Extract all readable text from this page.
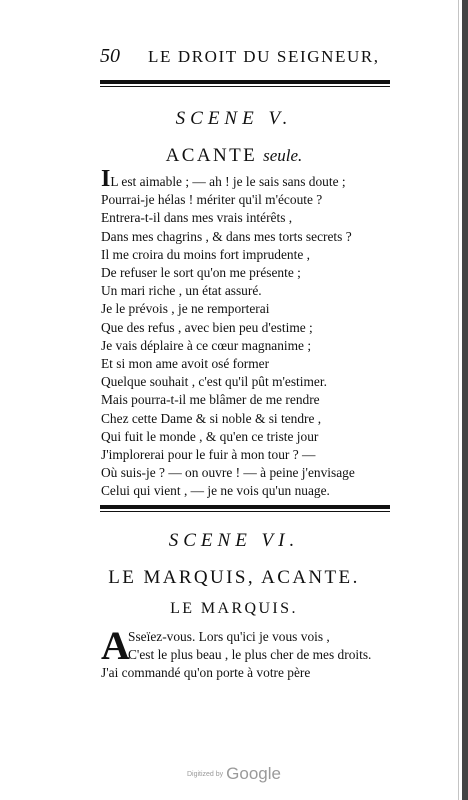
50 LE DROIT DU SEIGNEUR,
SCENE V.
ACANTE seule.
IL est aimable ; — ah ! je le sais sans doute ;
Pourrai-je hélas ! mériter qu'il m'écoute ?
Entrera-t-il dans mes vrais intérêts ,
Dans mes chagrins , & dans mes torts secrets ?
Il me croira du moins fort imprudente ,
De refuser le sort qu'on me présente ;
Un mari riche , un état assuré.
Je le prévois , je ne remporterai
Que des refus , avec bien peu d'estime ;
Je vais déplaire à ce cœur magnanime ;
Et si mon ame avoit osé former
Quelque souhait , c'est qu'il pût m'estimer.
Mais pourra-t-il me blâmer de me rendre
Chez cette Dame & si noble & si tendre ,
Qui fuit le monde , & qu'en ce triste jour
J'implorerai pour le fuir à mon tour ? —
Où suis-je ? — on ouvre ! — à peine j'envisage
Celui qui vient , — je ne vois qu'un nuage.
SCENE VI.
LE MARQUIS, ACANTE.
LE MARQUIS.
A
Sseïez-vous. Lors qu'ici je vous vois ,
C'est le plus beau , le plus cher de mes droits.
J'ai commandé qu'on porte à votre père
Digitized by Google
